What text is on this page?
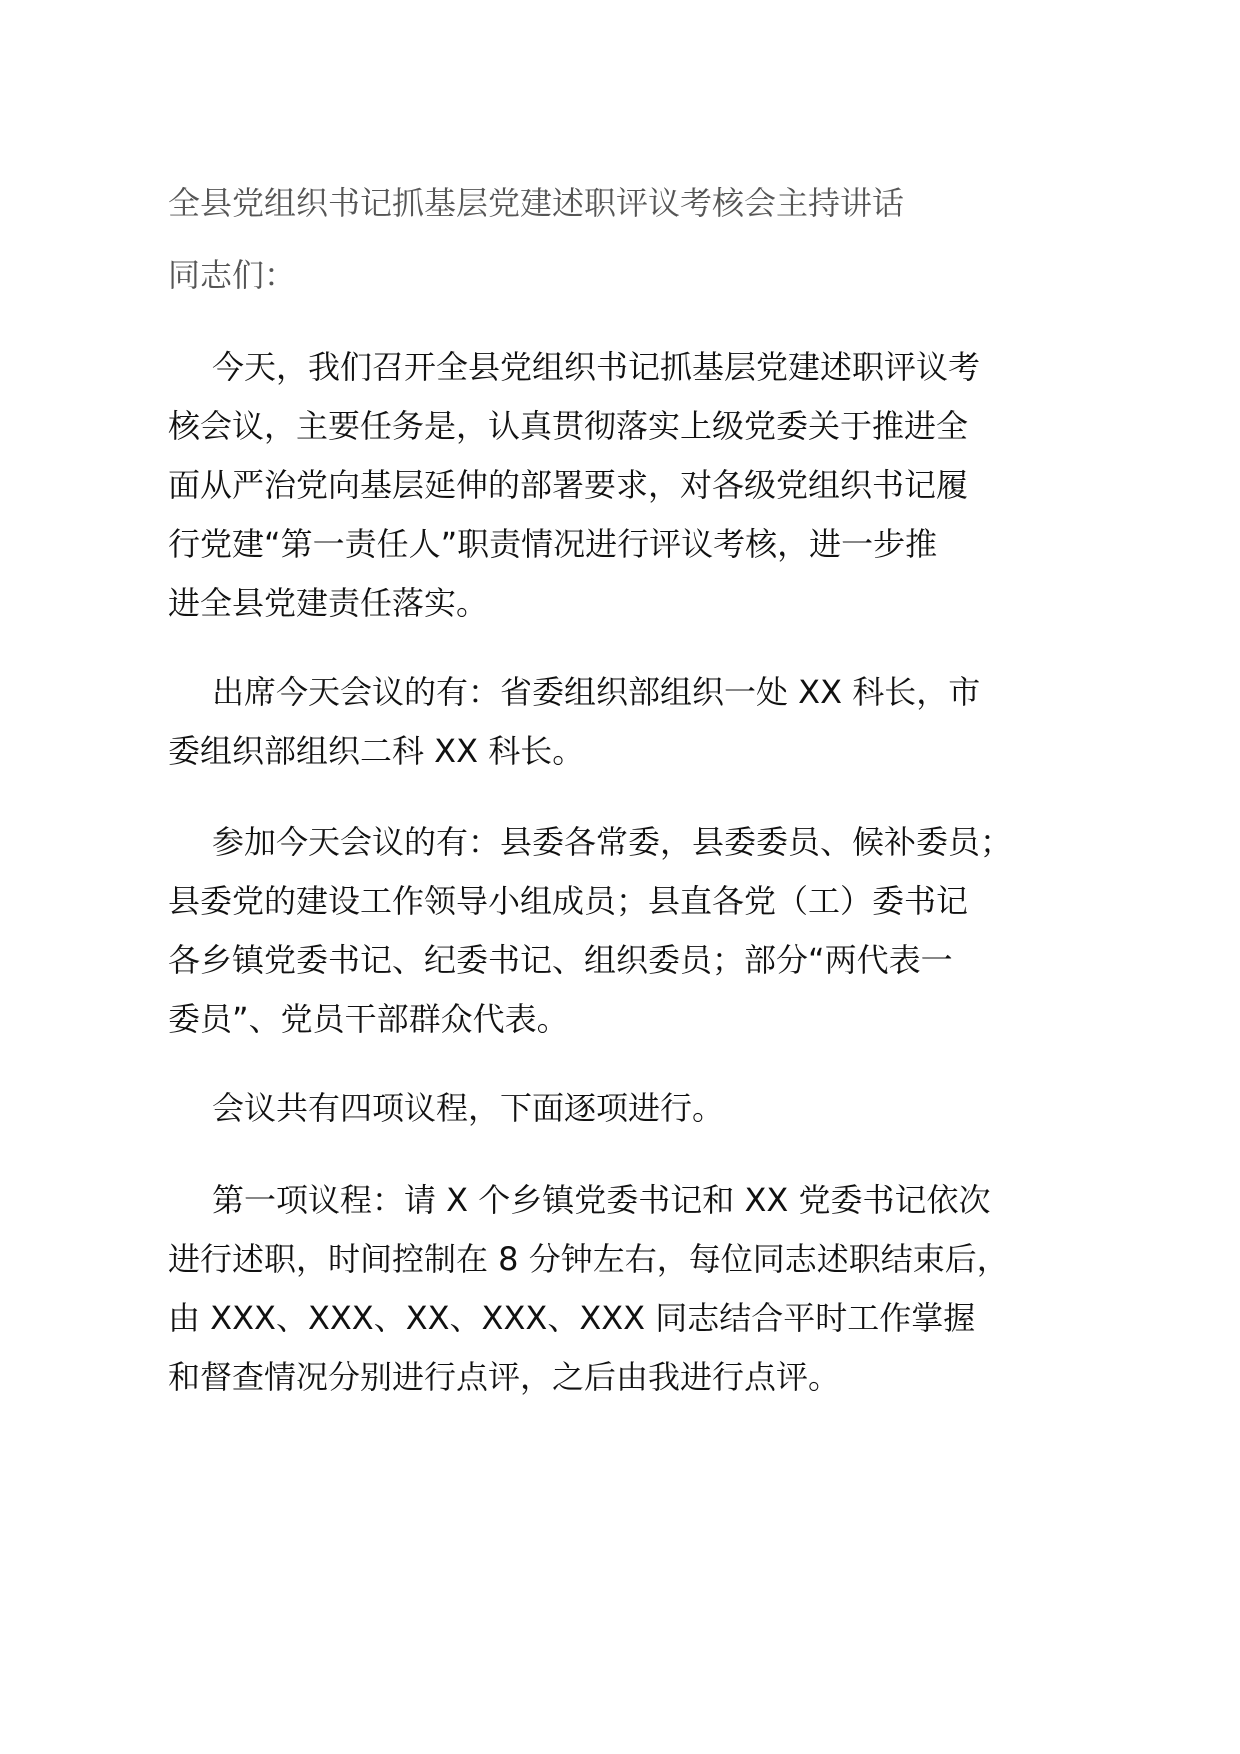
全县党组织书记抓基层党建述职评议考核会主持讲话
同志们：
今天，我们召开全县党组织书记抓基层党建述职评议考
核会议，主要任务是，认真贯彻落实上级党委关于推进全
面从严治党向基层延伸的部署要求，对各级党组织书记履
行党建“第一责任人”职责情况进行评议考核，进一步推
进全县党建责任落实。
出席今天会议的有：省委组织部组织一处 XX 科长，市
委组织部组织二科 XX 科长。
参加今天会议的有：县委各常委，县委委员、候补委员；
县委党的建设工作领导小组成员；县直各党（工）委书记
各乡镇党委书记、纪委书记、组织委员；部分“两代表一
委员”、党员干部群众代表。
会议共有四项议程，下面逐项进行。
第一项议程：请 X 个乡镇党委书记和 XX 党委书记依次
进行述职，时间控制在 8 分钟左右，每位同志述职结束后，
由 XXX、XXX、XX、XXX、XXX 同志结合平时工作掌握
和督查情况分别进行点评，之后由我进行点评。
